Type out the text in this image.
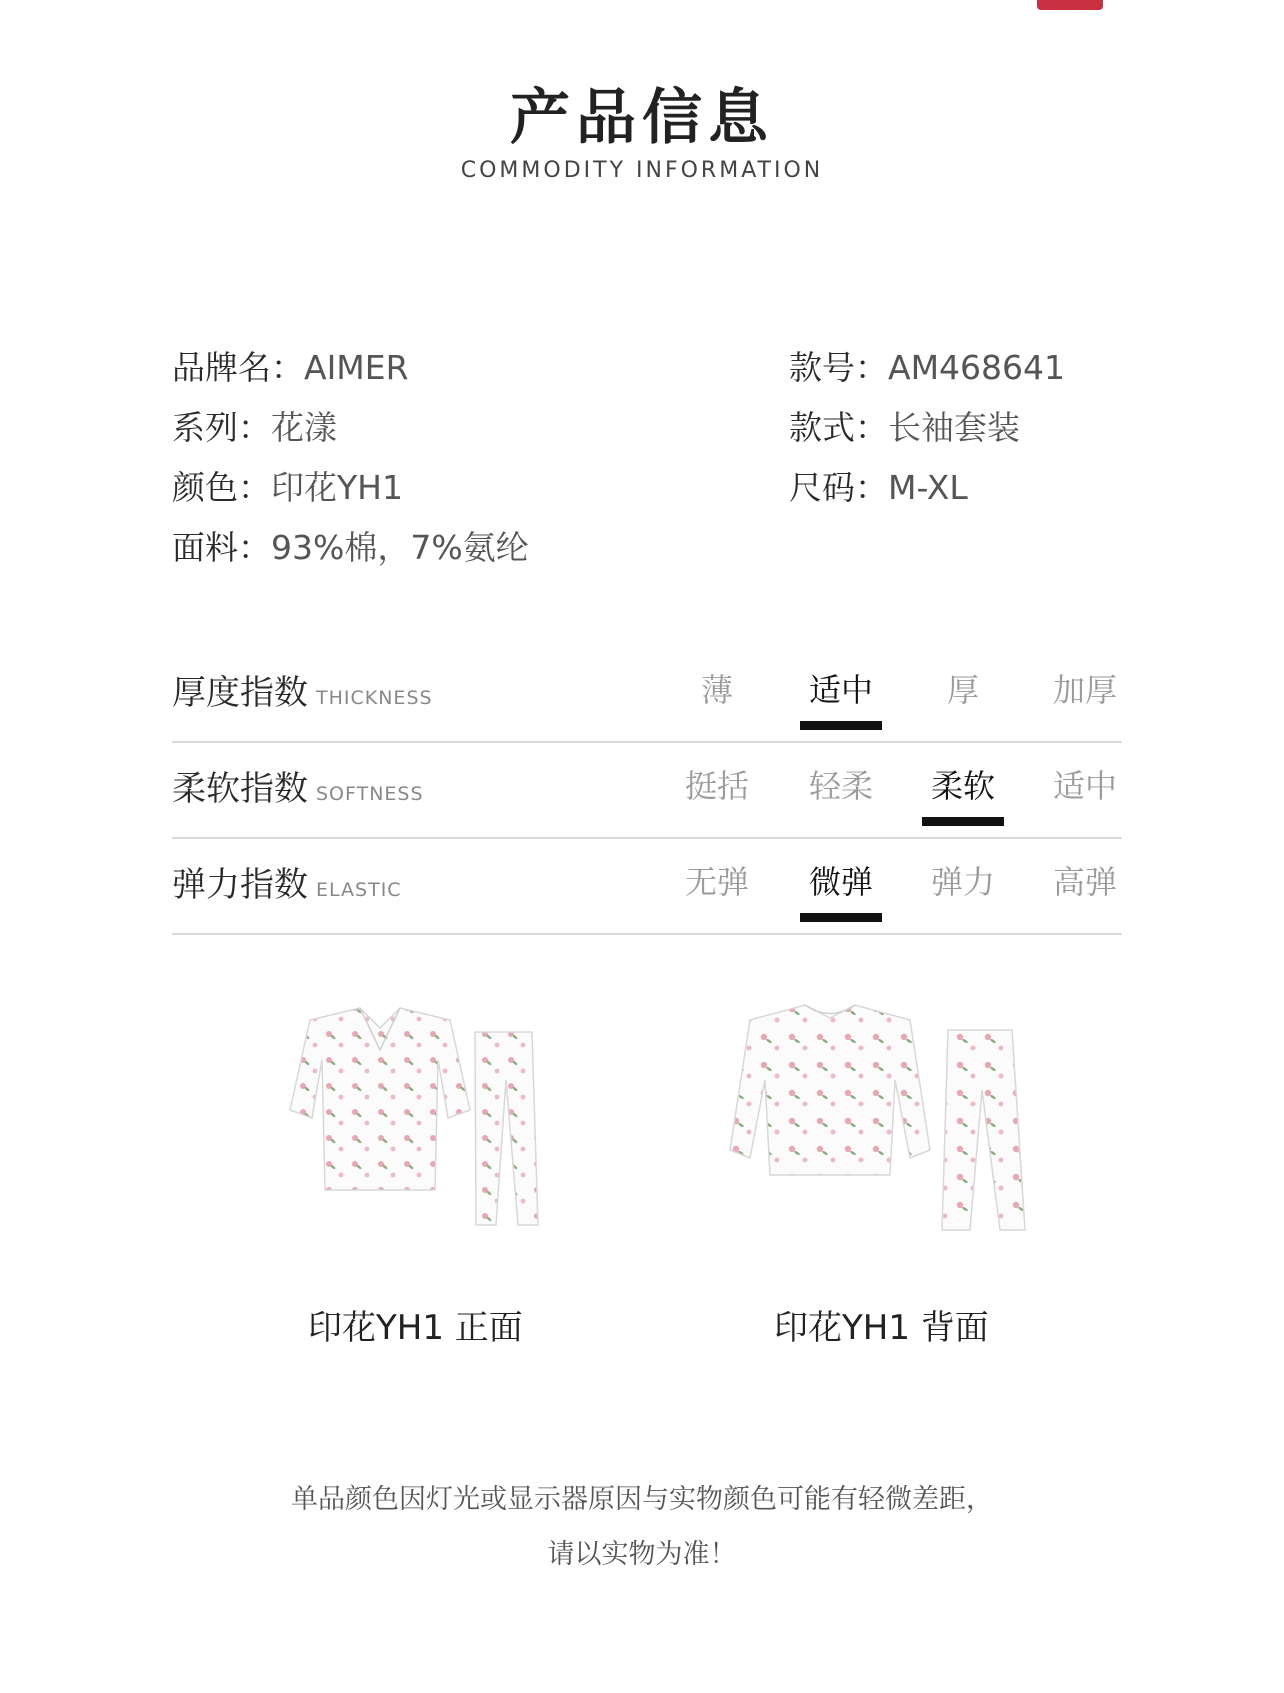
产品信息
COMMODITY INFORMATION
品牌名：AIMER
系列：花漾
颜色：印花YH1
面料：93%棉，7%氨纶
款号：AM468641
款式：长袖套装
尺码：M-XL
厚度指数 THICKNESS	薄	适中	厚	加厚
柔软指数 SOFTNESS	挺括	轻柔	柔软	适中
弹力指数 ELASTIC	无弹	微弹	弹力	高弹
印花YH1 正面	印花YH1 背面
单品颜色因灯光或显示器原因与实物颜色可能有轻微差距，
请以实物为准！
